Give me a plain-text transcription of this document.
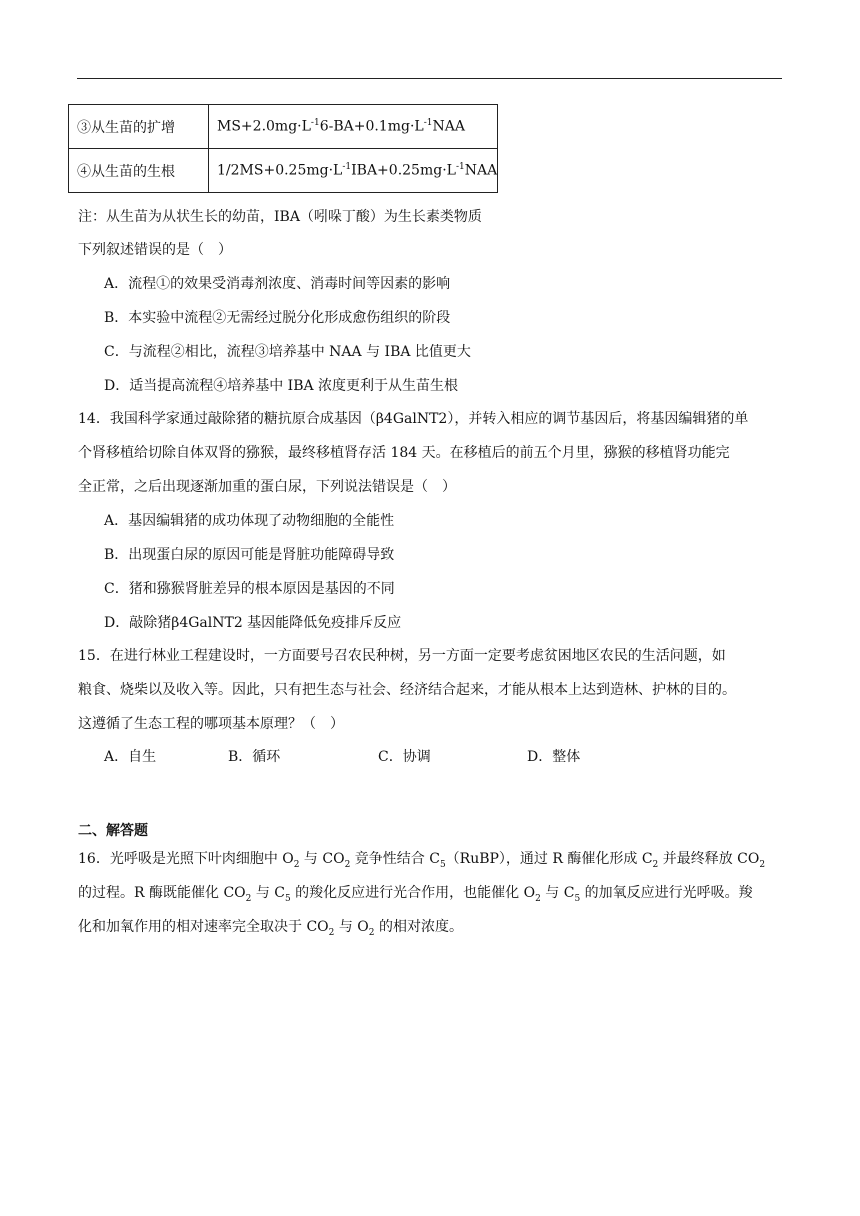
③从生苗的扩增	$MS+2.0mg\cdot L^{-1}6-BA+0.1mg\cdot L^{-1}NAA$
④从生苗的生根	$1/2MS+0.25mg\cdot L^{-1}IBA+0.25mg\cdot L^{-1}NAA$
注：从生苗为从状生长的幼苗，IBA（吲哚丁酸）为生长素类物质
下列叙述错误的是（　）
A．流程①的效果受消毒剂浓度、消毒时间等因素的影响
B．本实验中流程②无需经过脱分化形成愈伤组织的阶段
C．与流程②相比，流程③培养基中 NAA 与 IBA 比值更大
D．适当提高流程④培养基中 IBA 浓度更利于从生苗生根
14．我国科学家通过敲除猪的糖抗原合成基因（β4GalNT2），并转入相应的调节基因后，将基因编辑猪的单
个肾移植给切除自体双肾的猕猴，最终移植肾存活 184 天。在移植后的前五个月里，猕猴的移植肾功能完
全正常，之后出现逐渐加重的蛋白尿，下列说法错误是（　）
A．基因编辑猪的成功体现了动物细胞的全能性
B．出现蛋白尿的原因可能是肾脏功能障碍导致
C．猪和猕猴肾脏差异的根本原因是基因的不同
D．敲除猪β4GalNT2 基因能降低免疫排斥反应
15．在进行林业工程建设时，一方面要号召农民种树，另一方面一定要考虑贫困地区农民的生活问题，如
粮食、烧柴以及收入等。因此，只有把生态与社会、经济结合起来，才能从根本上达到造林、护林的目的。
这遵循了生态工程的哪项基本原理？（　）
A．自生	B．循环	C．协调	D．整体
二、解答题
16．光呼吸是光照下叶肉细胞中 $O_2$ 与 $CO_2$ 竞争性结合 $C_5(RuBP)$，通过 R 酶催化形成 $C_2$ 并最终释放 $CO_2$
的过程。R 酶既能催化 $CO_2$ 与 $C_5$ 的羧化反应进行光合作用，也能催化 $O_2$ 与 $C_5$ 的加氧反应进行光呼吸。羧
化和加氧作用的相对速率完全取决于 $CO_2$ 与 $O_2$ 的相对浓度。
